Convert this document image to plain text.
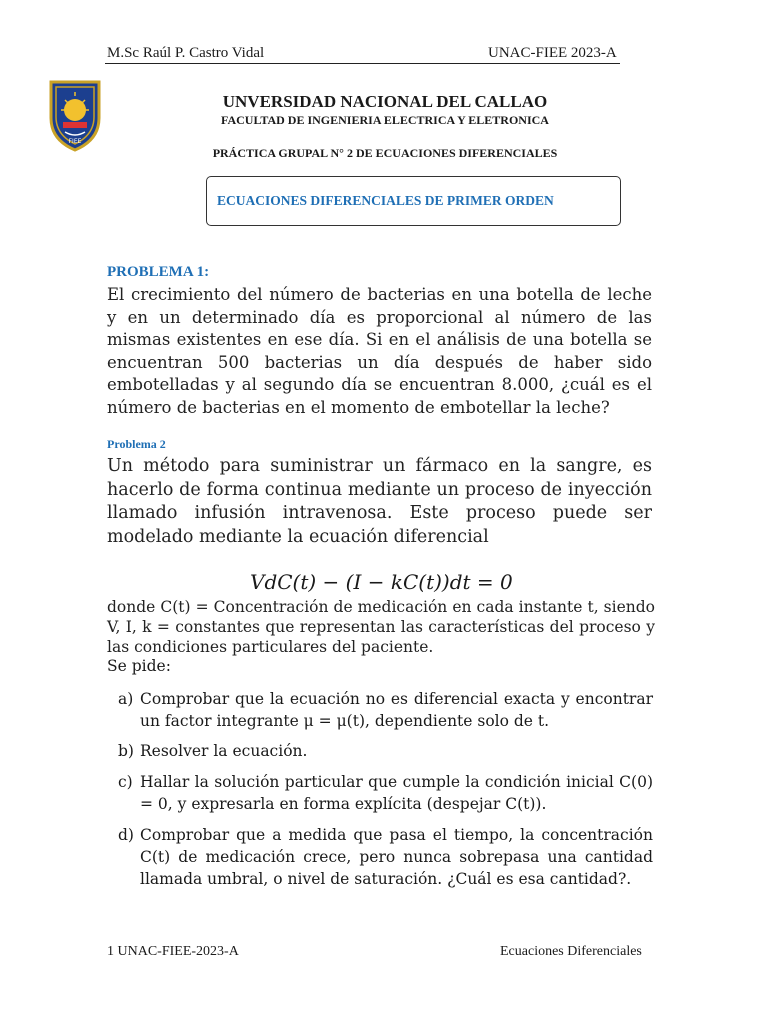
M.Sc Raúl P. Castro Vidal	UNAC-FIEE 2023-A
FIEE
UNVERSIDAD NACIONAL DEL CALLAO
FACULTAD DE INGENIERIA ELECTRICA Y ELETRONICA
PRÁCTICA GRUPAL N° 2 DE ECUACIONES DIFERENCIALES
ECUACIONES DIFERENCIALES DE PRIMER ORDEN
PROBLEMA 1:
El crecimiento del número de bacterias en una botella de leche y en un determinado día es proporcional al número de las mismas existentes en ese día. Si en el análisis de una botella se encuentran 500 bacterias un día después de haber sido embotelladas y al segundo día se encuentran 8.000, ¿cuál es el número de bacterias en el momento de embotellar la leche?
Problema 2
Un método para suministrar un fármaco en la sangre, es hacerlo de forma continua mediante un proceso de inyección llamado infusión intravenosa. Este proceso puede ser modelado mediante la ecuación diferencial
VdC(t) − (I − kC(t))dt = 0
donde C(t) = Concentración de medicación en cada instante t, siendo V, I, k = constantes que representan las características del proceso y las condiciones particulares del paciente.
Se pide:
a) Comprobar que la ecuación no es diferencial exacta y encontrar un factor integrante μ = μ(t), dependiente solo de t.
b) Resolver la ecuación.
c) Hallar la solución particular que cumple la condición inicial C(0) = 0, y expresarla en forma explícita (despejar C(t)).
d) Comprobar que a medida que pasa el tiempo, la concentración C(t) de medicación crece, pero nunca sobrepasa una cantidad llamada umbral, o nivel de saturación. ¿Cuál es esa cantidad?.
1 UNAC-FIEE-2023-A	Ecuaciones Diferenciales
